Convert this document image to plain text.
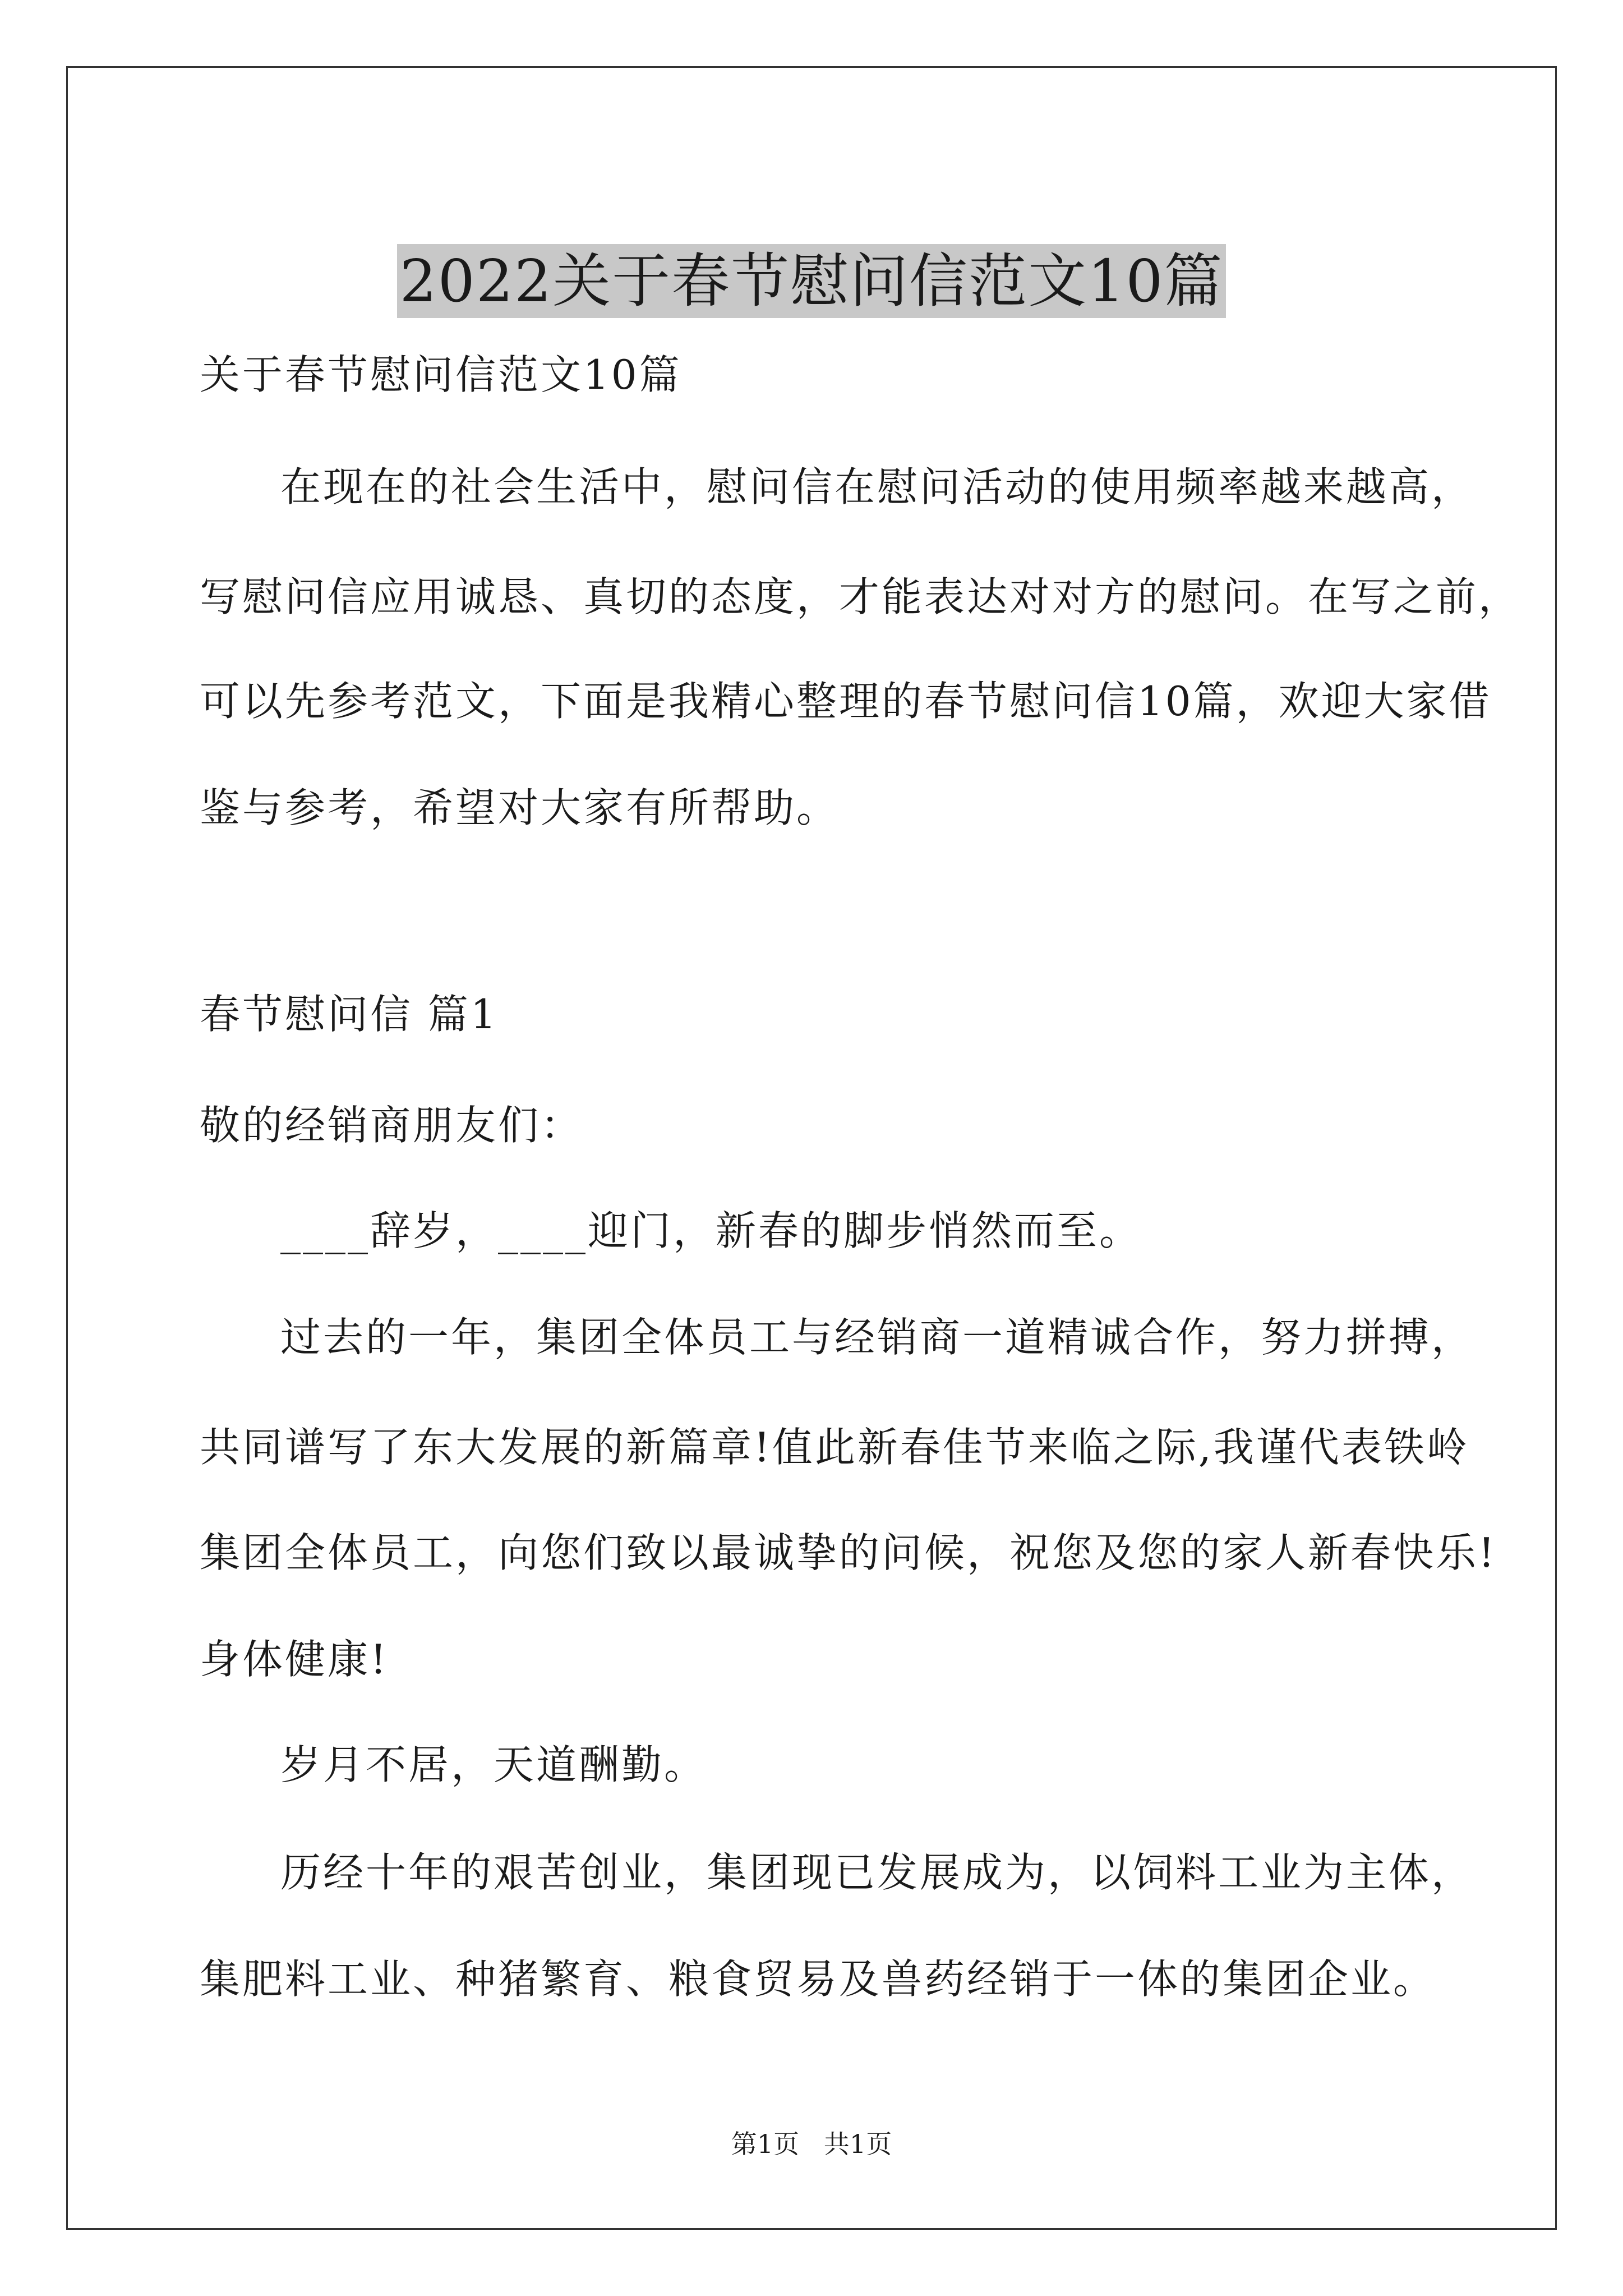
2022关于春节慰问信范文10篇
关于春节慰问信范文10篇
在现在的社会生活中，慰问信在慰问活动的使用频率越来越高，
写慰问信应用诚恳、真切的态度，才能表达对对方的慰问。在写之前，
可以先参考范文，下面是我精心整理的春节慰问信10篇，欢迎大家借
鉴与参考，希望对大家有所帮助。
春节慰问信 篇1
敬的经销商朋友们：
____辞岁，____迎门，新春的脚步悄然而至。
过去的一年，集团全体员工与经销商一道精诚合作，努力拼搏，
共同谱写了东大发展的新篇章!值此新春佳节来临之际,我谨代表铁岭
集团全体员工，向您们致以最诚挚的问候，祝您及您的家人新春快乐!
身体健康!
岁月不居，天道酬勤。
历经十年的艰苦创业，集团现已发展成为，以饲料工业为主体，
集肥料工业、种猪繁育、粮食贸易及兽药经销于一体的集团企业。
第1页   共1页
